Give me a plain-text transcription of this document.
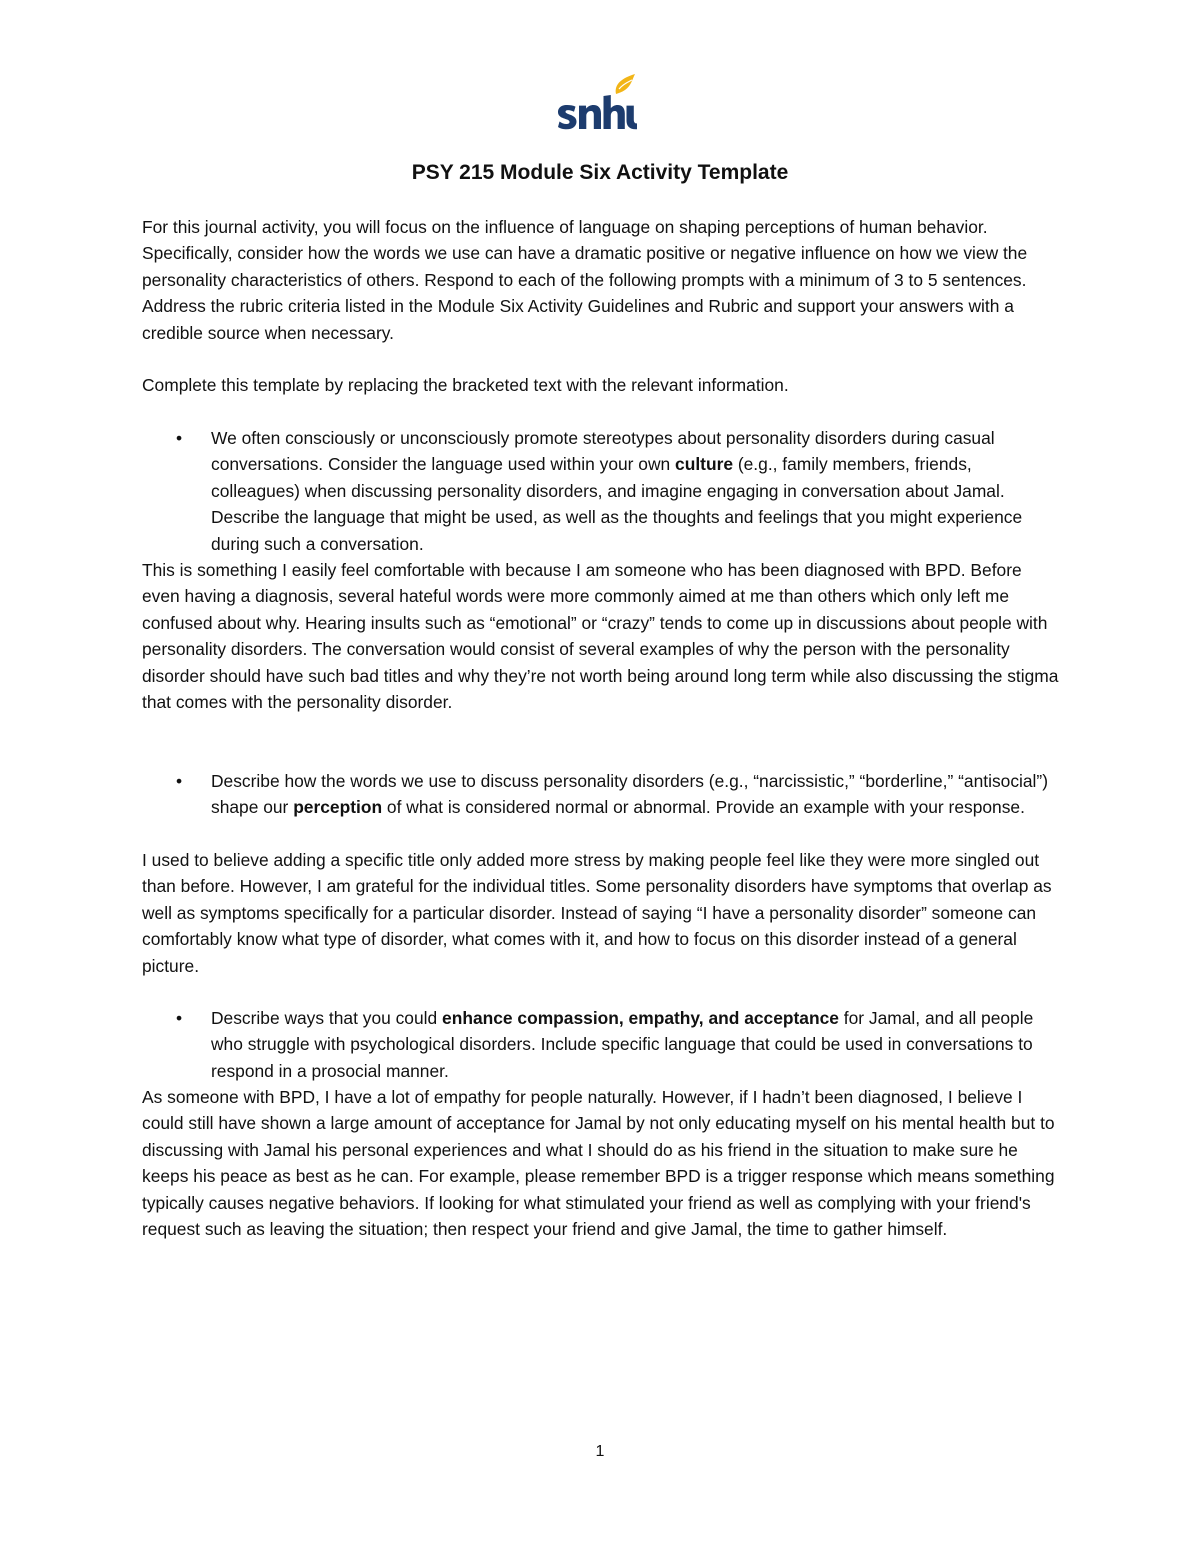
PSY 215 Module Six Activity Template

For this journal activity, you will focus on the influence of language on shaping perceptions of human behavior. Specifically, consider how the words we use can have a dramatic positive or negative influence on how we view the personality characteristics of others. Respond to each of the following prompts with a minimum of 3 to 5 sentences. Address the rubric criteria listed in the Module Six Activity Guidelines and Rubric and support your answers with a credible source when necessary.

Complete this template by replacing the bracketed text with the relevant information.

• We often consciously or unconsciously promote stereotypes about personality disorders during casual conversations. Consider the language used within your own culture (e.g., family members, friends, colleagues) when discussing personality disorders, and imagine engaging in conversation about Jamal. Describe the language that might be used, as well as the thoughts and feelings that you might experience during such a conversation.

This is something I easily feel comfortable with because I am someone who has been diagnosed with BPD. Before even having a diagnosis, several hateful words were more commonly aimed at me than others which only left me confused about why. Hearing insults such as “emotional” or “crazy” tends to come up in discussions about people with personality disorders. The conversation would consist of several examples of why the person with the personality disorder should have such bad titles and why they’re not worth being around long term while also discussing the stigma that comes with the personality disorder.

• Describe how the words we use to discuss personality disorders (e.g., “narcissistic,” “borderline,” “antisocial”) shape our perception of what is considered normal or abnormal. Provide an example with your response.

I used to believe adding a specific title only added more stress by making people feel like they were more singled out than before. However, I am grateful for the individual titles. Some personality disorders have symptoms that overlap as well as symptoms specifically for a particular disorder. Instead of saying “I have a personality disorder” someone can comfortably know what type of disorder, what comes with it, and how to focus on this disorder instead of a general picture.

• Describe ways that you could enhance compassion, empathy, and acceptance for Jamal, and all people who struggle with psychological disorders. Include specific language that could be used in conversations to respond in a prosocial manner.

As someone with BPD, I have a lot of empathy for people naturally. However, if I hadn’t been diagnosed, I believe I could still have shown a large amount of acceptance for Jamal by not only educating myself on his mental health but to discussing with Jamal his personal experiences and what I should do as his friend in the situation to make sure he keeps his peace as best as he can. For example, please remember BPD is a trigger response which means something typically causes negative behaviors. If looking for what stimulated your friend as well as complying with your friend's request such as leaving the situation; then respect your friend and give Jamal, the time to gather himself.

1
